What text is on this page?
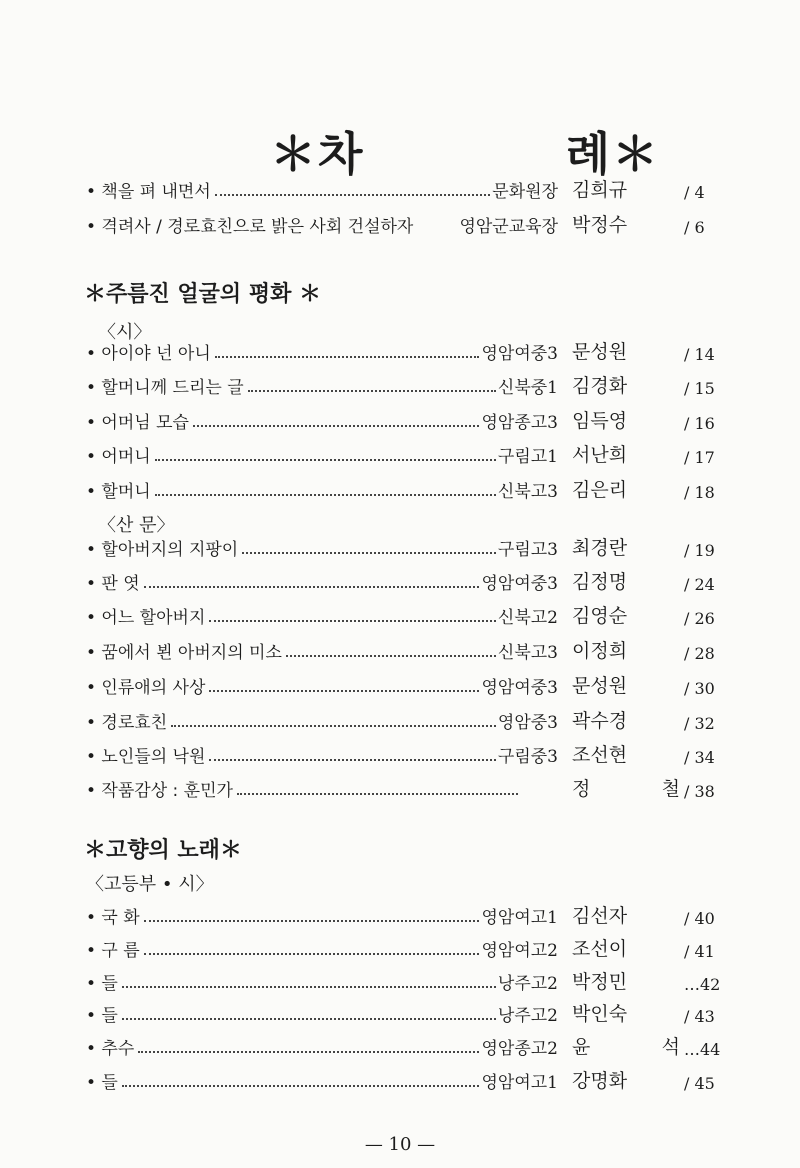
＊차	례＊
• 책을 펴 내면서	문화원장 김희규	/ 4
• 격려사 / 경로효친으로 밝은 사회 건설하자	영암군교육장 박정수	/ 6
＊주름진 얼굴의 평화 ＊
〈시〉
• 아이야 넌 아니	영암여중3 문성원	/ 14
• 할머니께 드리는 글	신북중1 김경화	/ 15
• 어머님 모습	영암종고3 임득영	/ 16
• 어머니	구림고1 서난희	/ 17
• 할머니	신북고3 김은리	/ 18
〈산 문〉
• 할아버지의 지팡이	구림고3 최경란	/ 19
• 판 엿	영암여중3 김정명	/ 24
• 어느 할아버지	신북고2 김영순	/ 26
• 꿈에서 뵌 아버지의 미소	신북고3 이정희	/ 28
• 인류애의 사상	영암여중3 문성원	/ 30
• 경로효친	영암중3 곽수경	/ 32
• 노인들의 낙원	구림중3 조선현	/ 34
• 작품감상 : 훈민가	정 철 / 38
＊고향의 노래＊
〈고등부 • 시〉
• 국 화	영암여고1 김선자	/ 40
• 구 름	영암여고2 조선이	/ 41
• 들	낭주고2 박정민	…42
• 들	낭주고2 박인숙	/ 43
• 추수	영암종고2 윤 석 …44
• 들	영암여고1 강명화	/ 45
— 10 —
